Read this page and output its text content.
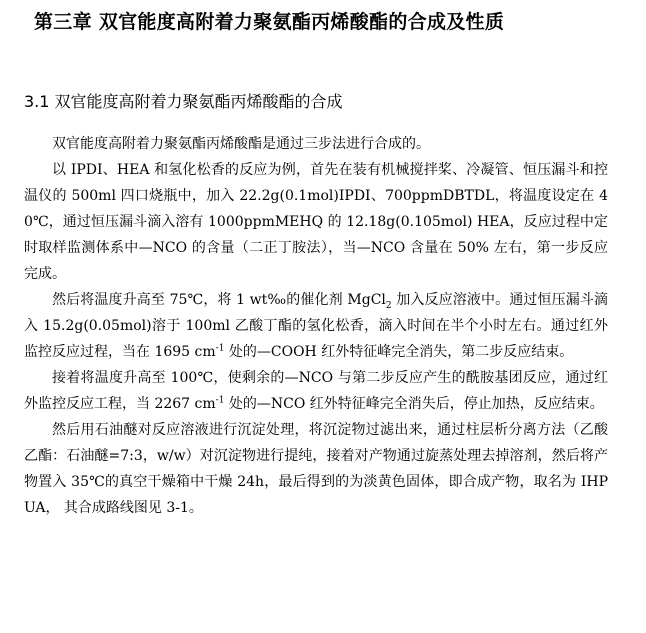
第三章 双官能度高附着力聚氨酯丙烯酸酯的合成及性质
3.1 双官能度高附着力聚氨酯丙烯酸酯的合成

双官能度高附着力聚氨酯丙烯酸酯是通过三步法进行合成的。

以 IPDI、HEA 和氢化松香的反应为例，首先在装有机械搅拌桨、冷凝管、恒压漏斗和控温仪的 500ml 四口烧瓶中，加入 22.2g(0.1mol)IPDI、700ppmDBTDL，将温度设定在 40℃，通过恒压漏斗滴入溶有 1000ppmMEHQ 的 12.18g(0.105mol) HEA，反应过程中定时取样监测体系中—NCO 的含量（二正丁胺法），当—NCO 含量在 50% 左右，第一步反应完成。

然后将温度升高至 75℃，将 1 wt‰的催化剂 MgCl$_2$ 加入反应溶液中。通过恒压漏斗滴入 15.2g(0.05mol)溶于 100ml 乙酸丁酯的氢化松香，滴入时间在半个小时左右。通过红外监控反应过程，当在 1695 $cm^{-1}$ 处的—COOH 红外特征峰完全消失，第二步反应结束。

接着将温度升高至 100℃，使剩余的—NCO 与第二步反应产生的酰胺基团反应，通过红外监控反应工程，当 2267 $cm^{-1}$ 处的—NCO 红外特征峰完全消失后，停止加热，反应结束。

然后用石油醚对反应溶液进行沉淀处理，将沉淀物过滤出来，通过柱层析分离方法（乙酸乙酯：石油醚=7:3，w/w）对沉淀物进行提纯，接着对产物通过旋蒸处理去掉溶剂，然后将产物置入 35℃的真空干燥箱中干燥 24h，最后得到的为淡黄色固体，即合成产物，取名为 IHPUA， 其合成路线图见 3-1。
